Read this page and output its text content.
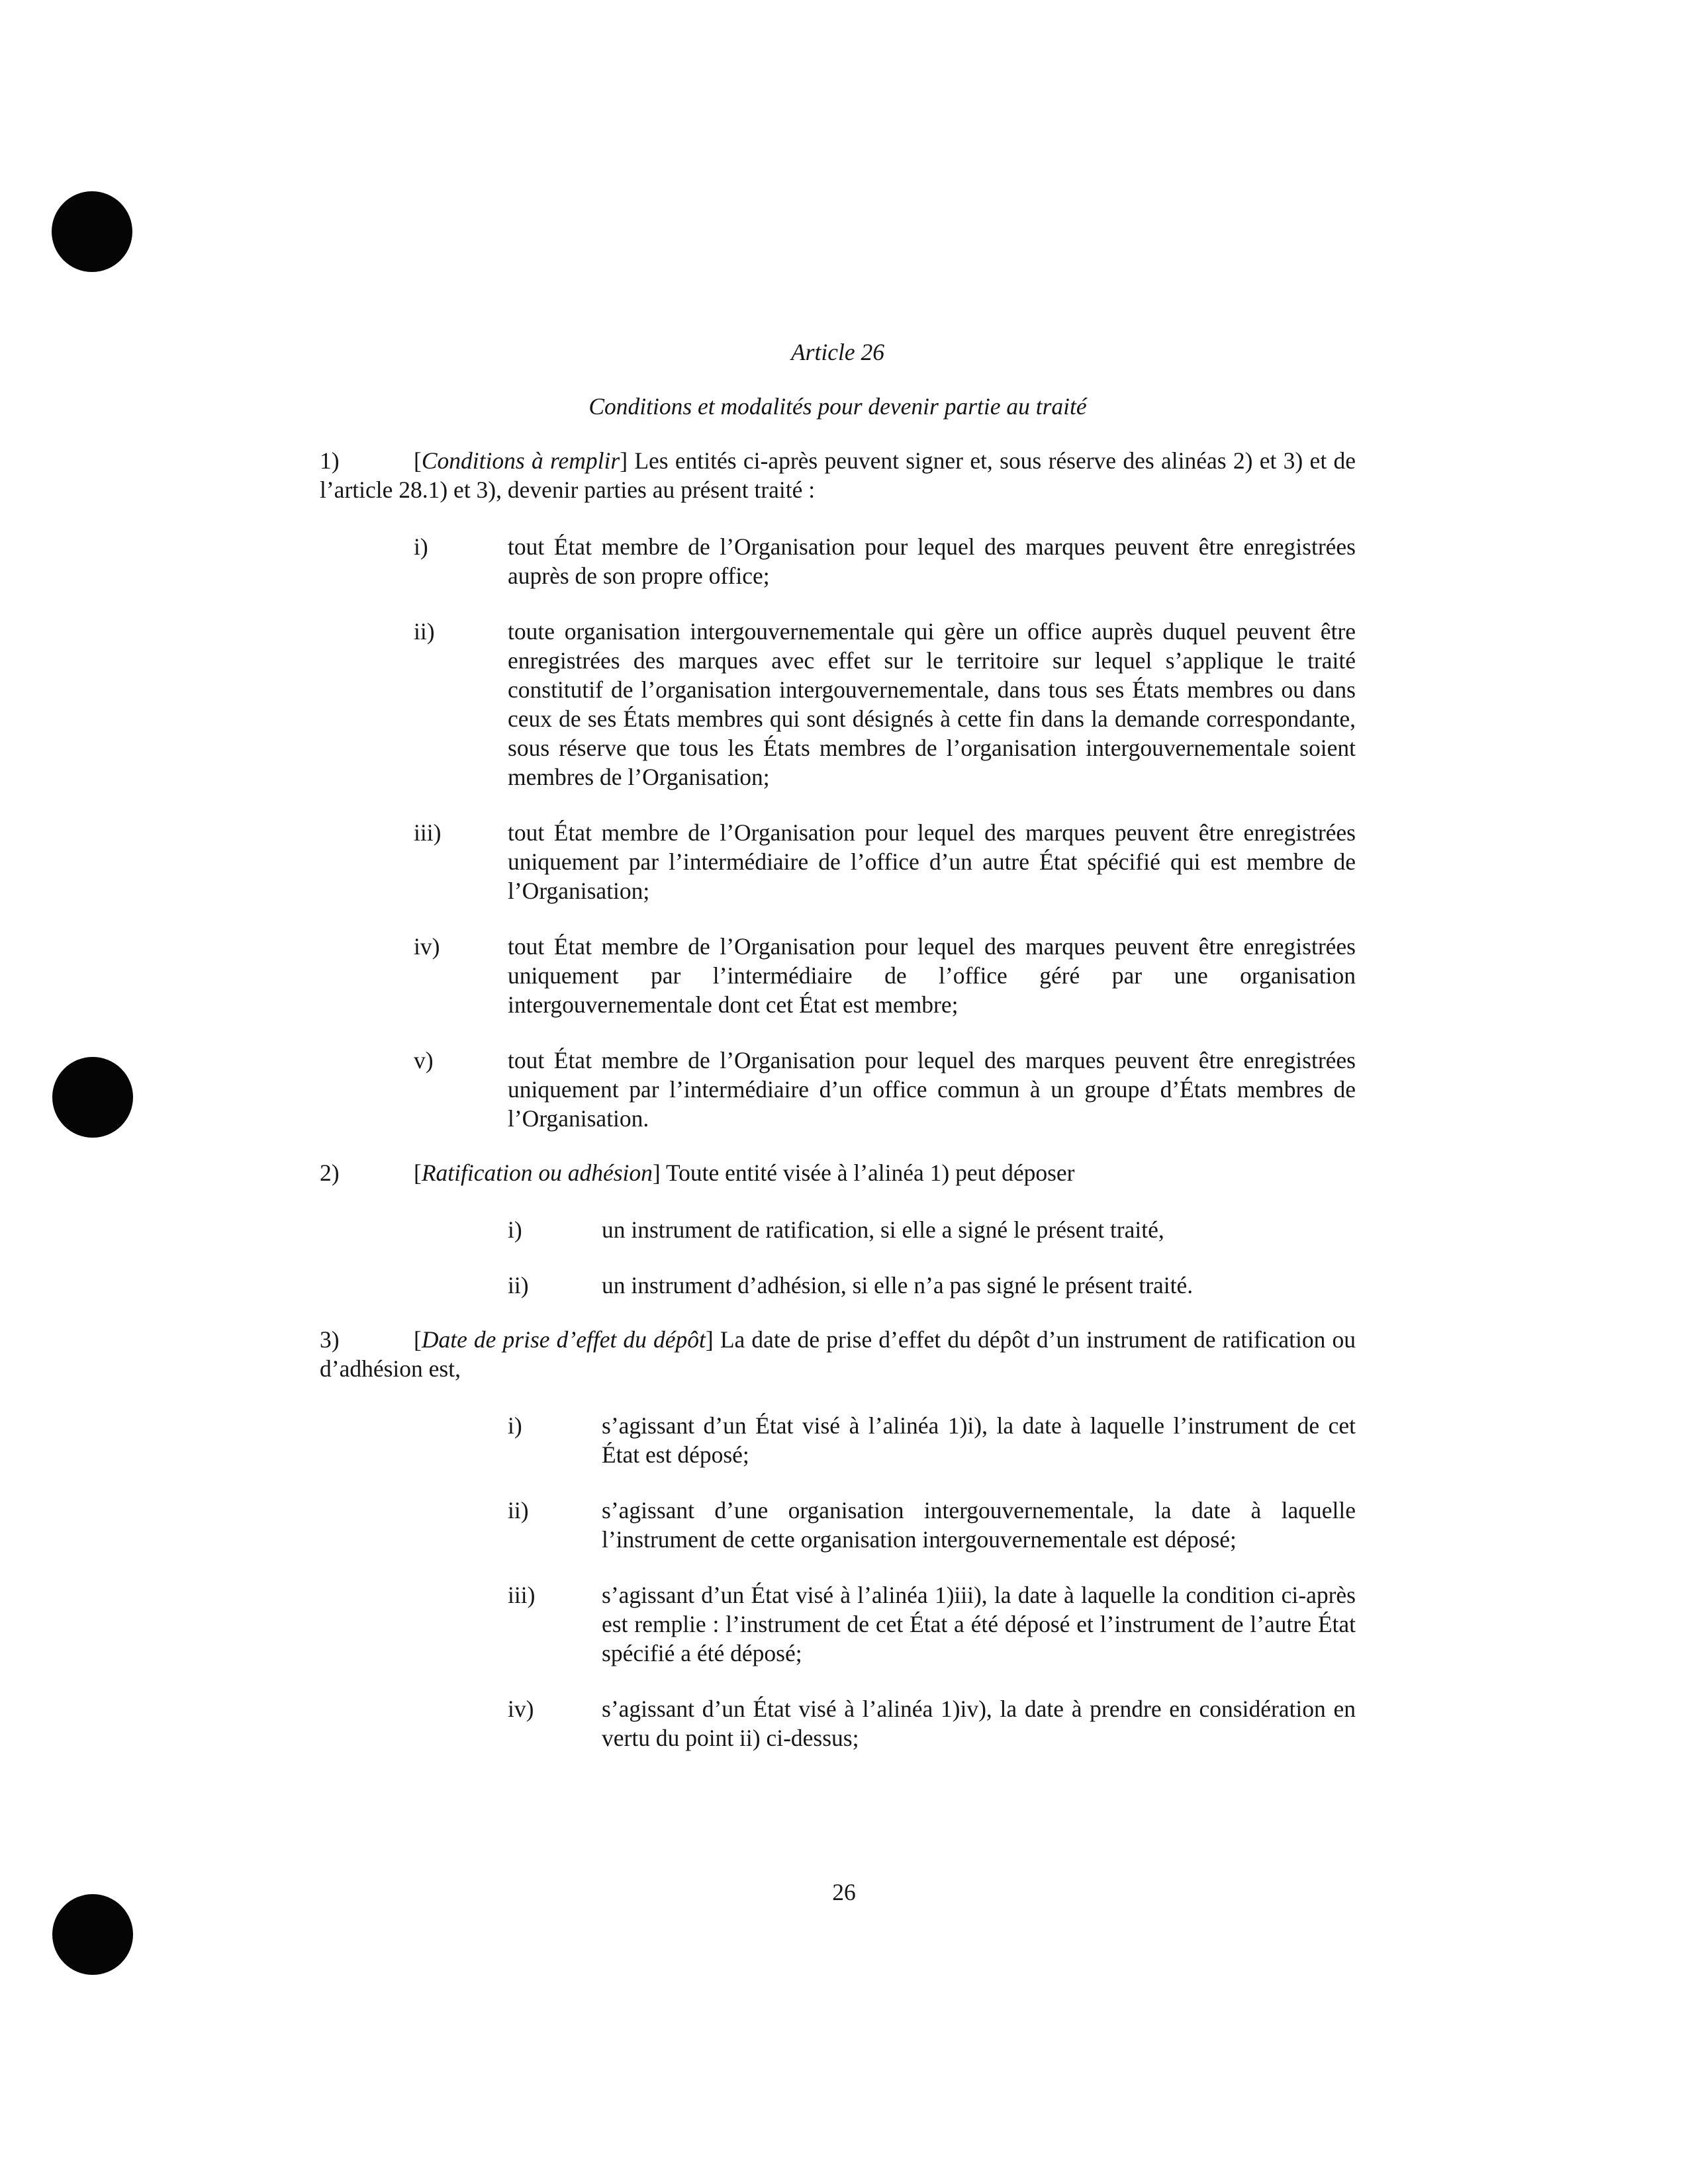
Article 26
Conditions et modalités pour devenir partie au traité
1)	[Conditions à remplir] Les entités ci-après peuvent signer et, sous réserve des alinéas 2) et 3) et de l’article 28.1) et 3), devenir parties au présent traité :
i)	tout État membre de l’Organisation pour lequel des marques peuvent être enregistrées auprès de son propre office;
ii)	toute organisation intergouvernementale qui gère un office auprès duquel peuvent être enregistrées des marques avec effet sur le territoire sur lequel s’applique le traité constitutif de l’organisation intergouvernementale, dans tous ses États membres ou dans ceux de ses États membres qui sont désignés à cette fin dans la demande correspondante, sous réserve que tous les États membres de l’organisation intergouvernementale soient membres de l’Organisation;
iii)	tout État membre de l’Organisation pour lequel des marques peuvent être enregistrées uniquement par l’intermédiaire de l’office d’un autre État spécifié qui est membre de l’Organisation;
iv)	tout État membre de l’Organisation pour lequel des marques peuvent être enregistrées uniquement par l’intermédiaire de l’office géré par une organisation intergouvernementale dont cet État est membre;
v)	tout État membre de l’Organisation pour lequel des marques peuvent être enregistrées uniquement par l’intermédiaire d’un office commun à un groupe d’États membres de l’Organisation.
2)	[Ratification ou adhésion] Toute entité visée à l’alinéa 1) peut déposer
i)	un instrument de ratification, si elle a signé le présent traité,
ii)	un instrument d’adhésion, si elle n’a pas signé le présent traité.
3)	[Date de prise d’effet du dépôt] La date de prise d’effet du dépôt d’un instrument de ratification ou d’adhésion est,
i)	s’agissant d’un État visé à l’alinéa 1)i), la date à laquelle l’instrument de cet État est déposé;
ii)	s’agissant d’une organisation intergouvernementale, la date à laquelle l’instrument de cette organisation intergouvernementale est déposé;
iii)	s’agissant d’un État visé à l’alinéa 1)iii), la date à laquelle la condition ci-après est remplie : l’instrument de cet État a été déposé et l’instrument de l’autre État spécifié a été déposé;
iv)	s’agissant d’un État visé à l’alinéa 1)iv), la date à prendre en considération en vertu du point ii) ci-dessus;
26
